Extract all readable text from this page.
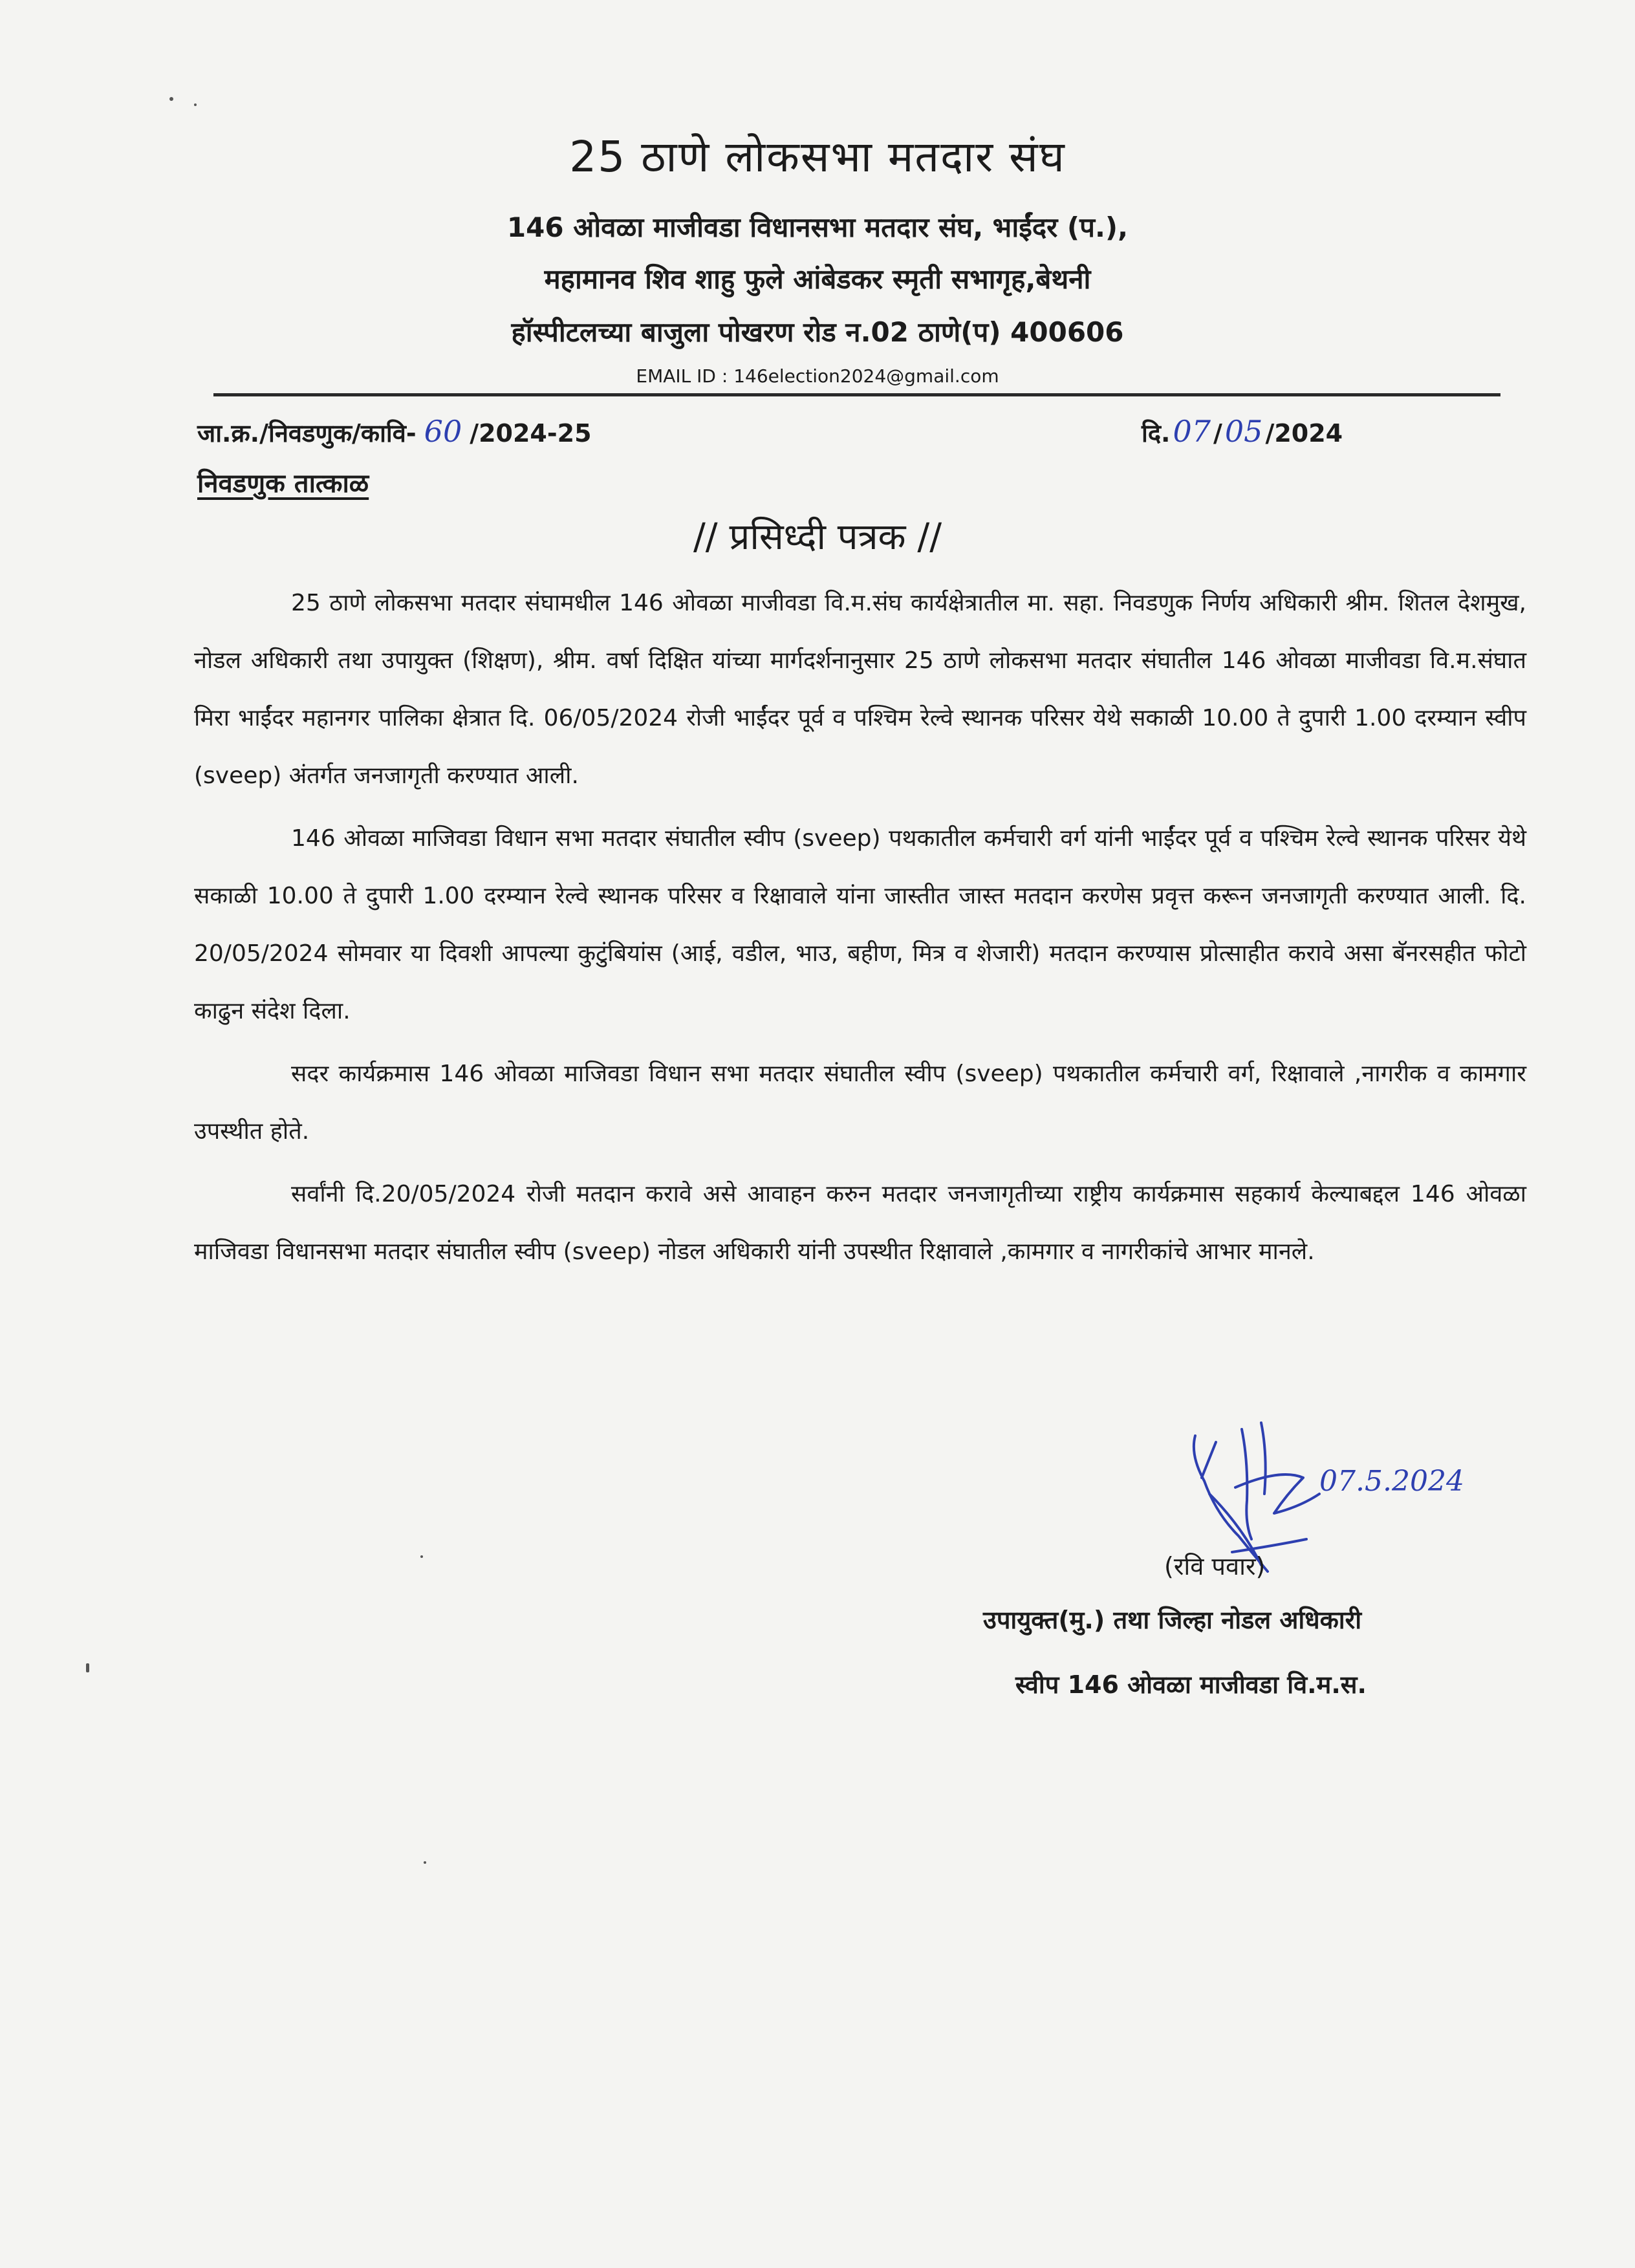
25 ठाणे लोकसभा मतदार संघ
146 ओवळा माजीवडा विधानसभा मतदार संघ, भाईंदर (प.),
महामानव शिव शाहु फुले आंबेडकर स्मृती सभागृह,बेथनी
हॉस्पीटलच्या बाजुला पोखरण रोड न.02 ठाणे(प) 400606
EMAIL ID : 146election2024@gmail.com
जा.क्र./निवडणुक/कावि- 60 /2024-25	दि.07 /05 /2024
निवडणुक तात्काळ
// प्रसिध्दी पत्रक //

25 ठाणे लोकसभा मतदार संघामधील 146 ओवळा माजीवडा वि.म.संघ कार्यक्षेत्रातील मा. सहा. निवडणुक निर्णय अधिकारी श्रीम. शितल देशमुख, नोडल अधिकारी तथा उपायुक्त (शिक्षण), श्रीम. वर्षा दिक्षित यांच्या मार्गदर्शनानुसार 25 ठाणे लोकसभा मतदार संघातील 146 ओवळा माजीवडा वि.म.संघात मिरा भाईंदर महानगर पालिका क्षेत्रात दि. 06/05/2024 रोजी भाईंदर पूर्व व पश्चिम रेल्वे स्थानक परिसर येथे सकाळी 10.00 ते दुपारी 1.00 दरम्यान स्वीप (sveep) अंतर्गत जनजागृती करण्यात आली.

146 ओवळा माजिवडा विधान सभा मतदार संघातील स्वीप (sveep) पथकातील कर्मचारी वर्ग यांनी भाईंदर पूर्व व पश्चिम रेल्वे स्थानक परिसर येथे सकाळी 10.00 ते दुपारी 1.00 दरम्यान रेल्वे स्थानक परिसर व रिक्षावाले यांना जास्तीत जास्त मतदान करणेस प्रवृत्त करून जनजागृती करण्यात आली. दि. 20/05/2024 सोमवार या दिवशी आपल्या कुटुंबियांस (आई, वडील, भाउ, बहीण, मित्र व शेजारी) मतदान करण्यास प्रोत्साहीत करावे असा बॅनरसहीत फोटो काढुन संदेश दिला.

सदर कार्यक्रमास 146 ओवळा माजिवडा विधान सभा मतदार संघातील स्वीप (sveep) पथकातील कर्मचारी वर्ग, रिक्षावाले ,नागरीक व कामगार उपस्थीत होते.

सर्वांनी दि.20/05/2024 रोजी मतदान करावे असे आवाहन करुन मतदार जनजागृतीच्या राष्ट्रीय कार्यक्रमास सहकार्य केल्याबद्दल 146 ओवळा माजिवडा विधानसभा मतदार संघातील स्वीप (sveep) नोडल अधिकारी यांनी उपस्थीत रिक्षावाले ,कामगार व नागरीकांचे आभार मानले.

07.5.2024
(रवि पवार)
उपायुक्त(मु.) तथा जिल्हा नोडल अधिकारी
स्वीप 146 ओवळा माजीवडा वि.म.स.
